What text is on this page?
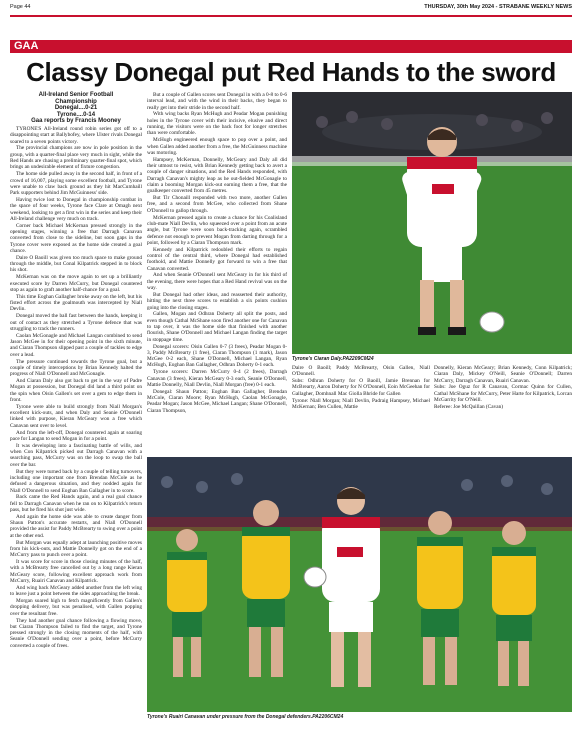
Page 44	THURSDAY, 30th May 2024 - STRABANE WEEKLY NEWS
GAA
Classy Donegal put Red Hands to the sword
All-Ireland Senior Football
Championship
Donegal....0-21
Tyrone....0-14
Gaa reports by Francis Mooney

TYRONE'S All-Ireland round robin series got off to a disappointing start at Ballybofey, where Ulster rivals Donegal soared to a seven points victory.

The provincial champions are now in pole position in the group, with a quarter-final place very much in sight, while the Red Hands are chasing a preliminary quarter-final spot, which brings an undesirable element of fixture congestion.

The home side pulled away in the second half, in front of a crowd of 16,007, playing some excellent football, and Tyrone were unable to claw back ground as they hit MacCumhaill Park supporters behind Jim McGuinness' side.

Having twice lost to Donegal in championship combat in the space of four weeks, Tyrone face Clare at Omagh next weekend, looking to get a first win in the series and keep their All-Ireland challenge very much on track.

Corner back Michael McKernan pressed strongly in the opening stages, winning a free that Darragh Canavan converted from close to the sideline, but soon gaps in the Tyrone cover were exposed as the home side created a goal chance.

Daire O Baoill was given too much space to make ground through the middle, but Conal Kilpatrick stepped in to block his shot.

McKernan was on the move again to set up a brilliantly executed score by Darren McCurry, but Donegal countered stop as again to graft another half-chance for a goal.

This time Eoghan Gallagher broke away on the left, but his fisted effort across the goalmouth was intercepted by Niall Devlin.

Donegal moved the ball fast between the hands, keeping it out of contact as they stretched a Tyrone defence that was struggling to track the runners.

Caolan McGonagle and Michael Langan combined to send Jason McGee in for their opening point in the sixth minute, and Ciaran Thompson slipped past a couple of tackles to edge over a lead.

The pressure continued towards the Tyrone goal, but a couple of timely interceptions by Brian Kennedy halted the progress of Niall O'Donnell and McGonagle.

And Ciaran Daly also got back to get in the way of Padre Mogan at possession, but Donegal did land a third point on the spin when Oisin Gallen's set over a gem to edge them in front.

Tyrone were able to build strongly from Niall Morgan's excellent kick-outs, and when Daly and Seanie O'Donnell linked with purpose, Kieran McGeary won a free which Canavan sent over to level.

And from the left-off, Donegal countered again at soaring pace for Langan to send Mogan in for a point.

It was developing into a fascinating battle of wills, and when Con Kilpatrick picked out Darragh Canavan with a searching pass, McCurry was on the loop to swap the ball over the bar.

But they were turned back by a couple of telling turnovers, including one important one from Brendan McCole as he defused a dangerous situation, and they nodded again for Niall O'Donnell to send Eoghan Ban Gallagher in to score.

Back came the Red Hands again, and a real goal chance fell to Darragh Canavan when he ran on to Kilpatrick's return pass, but he fired his shot just wide.

And again the home side was able to create danger from Shaun Patton's accurate restarts, and Niall O'Donnell provided the assist for Paddy McBrearty to swing over a point at the other end.

But Morgan was equally adept at launching positive moves from his kick-outs, and Mattie Donnelly got on the end of a McCurry pass to punch over a point.

It was score for score in those closing minutes of the half, with a McBrearty free cancelled out by a long range Kieran McGeary score, following excellent approach work from McCurry, Ruairi Canavan and Kilpatrick.

And wing back McGeary added another from the left wing to leave just a point between the sides approaching the break.

Morgan soared high to fetch magnificently from Gallen's dropping delivery, but was penalised, with Gallen popping over the resultant free.

They had another goal chance following a flowing move, but Ciaran Thompson failed to find the target, and Tyrone pressed strongly in the closing moments of the half, with Seanie O'Donnell sending over a point, before McCurry converted a couple of frees.

But a couple of Gallen scores sent Donegal in with a 0-8 to 0-6 interval lead, and with the wind in their backs, they began to really get into their stride in the second half.

With wing backs Ryan McHugh and Peadar Mogan punishing holes in the Tyrone cover with their incisive, elusive and direct running, the visitors were on the back foot for longer stretches than were comfortable.

McHugh engineered enough space to pop over a point, and when Gallen added another from a free, the McGuinness machine was motoring.

Hampsey, McKernan, Donnelly, McGeary and Daly all did their utmost to resist, with Brian Kennedy getting back to avert a couple of danger situations, and the Red Hands responded, with Darragh Canavan's mighty leap as he out-fielded McGonagle to claim a booming Morgan kick-out earning them a free, that the goalkeeper converted from 45 metres.

But Tir Chonaill responded with two more, another Gallen free, and a second from McGee, who collected from Shane O'Donnell to gallop through.

McKernan pressed again to create a chance for his Coalisland club-mate Niall Devlin, who squeezed over a point from an acute angle, but Tyrone were soon back-tracking again, scrambled defence not enough to prevent Mogan from darting through for a point, followed by a Ciaran Thompson mark.

Kennedy and Kilpatrick redoubled their efforts to regain control of the central third, where Donegal had established foothold, and Mattie Donnelly got forward to win a free that Canavan converted.

And when Seanie O'Donnell sent McGeary in for his third of the evening, there were hopes that a Red Hand revival was on the way.

But Donegal had other ideas, and reasserted their authority, hitting the next three scores to establish a six points cushion going into the closing stages.

Gallen, Mogan and Odhran Doherty all split the posts, and even though Cathal McShane soon fired another one for Canavan to tap over, it was the home side that finished with another flourish, Shane O'Donnell and Michael Langan finding the target in stoppage time.

Donegal scorers: Oisin Gallen 0-7 (3 frees), Peadar Mogan 0-3, Paddy McBrearty (1 free), Ciaran Thompson (1 mark), Jason McGee 0-2 each, Shane O'Donnell, Michael Langan, Ryan McHugh, Eoghan Ban Gallagher, Odhran Doherty 0-1 each.

Tyrone scorers: Darren McCurry 0-4 (2 frees), Darragh Canavan (3 frees), Kieran McGeary 0-3 each, Seanie O'Donnell, Mattie Donnelly, Niall Devlin, Niall Morgan (free) 0-1 each.

Donegal: Shaun Patton; Eoghan Ban Gallagher, Brendan McCole, Ciaran Moore; Ryan McHugh, Caolan McGonagle, Peadar Mogan; Jason McGee, Michael Langan; Shane O'Donnell, Ciaran Thompson,

Tyrone's Ciaran Daly.PA2209CM24

Daire O Baoill; Paddy McBrearty, Oisin Gallen, Niall O'Donnell.

Subs: Odhran Doherty for O Baoill, Jamie Brennan for McBrearty, Aaron Doherty for N O'Donnell, Eoin McGeehan for Gallagher, Domhnall Mac Giolla Bhride for Gallen

Tyrone: Niall Morgan; Niall Devlin, Padraig Hampsey, Michael McKernan; Ben Cullen, Mattie

Donnelly, Kieran McGeary; Brian Kennedy, Conn Kilpatrick; Ciaran Daly, Mickey O'Neill, Seanie O'Donnell; Darren McCurry, Darragh Canavan, Ruairi Canavan.

Subs: Joe Oguz for R Canavan, Cormac Quinn for Cullen, Cathal McShane for McCurry, Peter Harte for Kilpatrick, Lorcan McGarrity for O'Neill.

Referee: Joe McQuillan (Cavan)

Tyrone's Ruairi Canavan under pressure from the Donegal defenders.PA2206CM24
